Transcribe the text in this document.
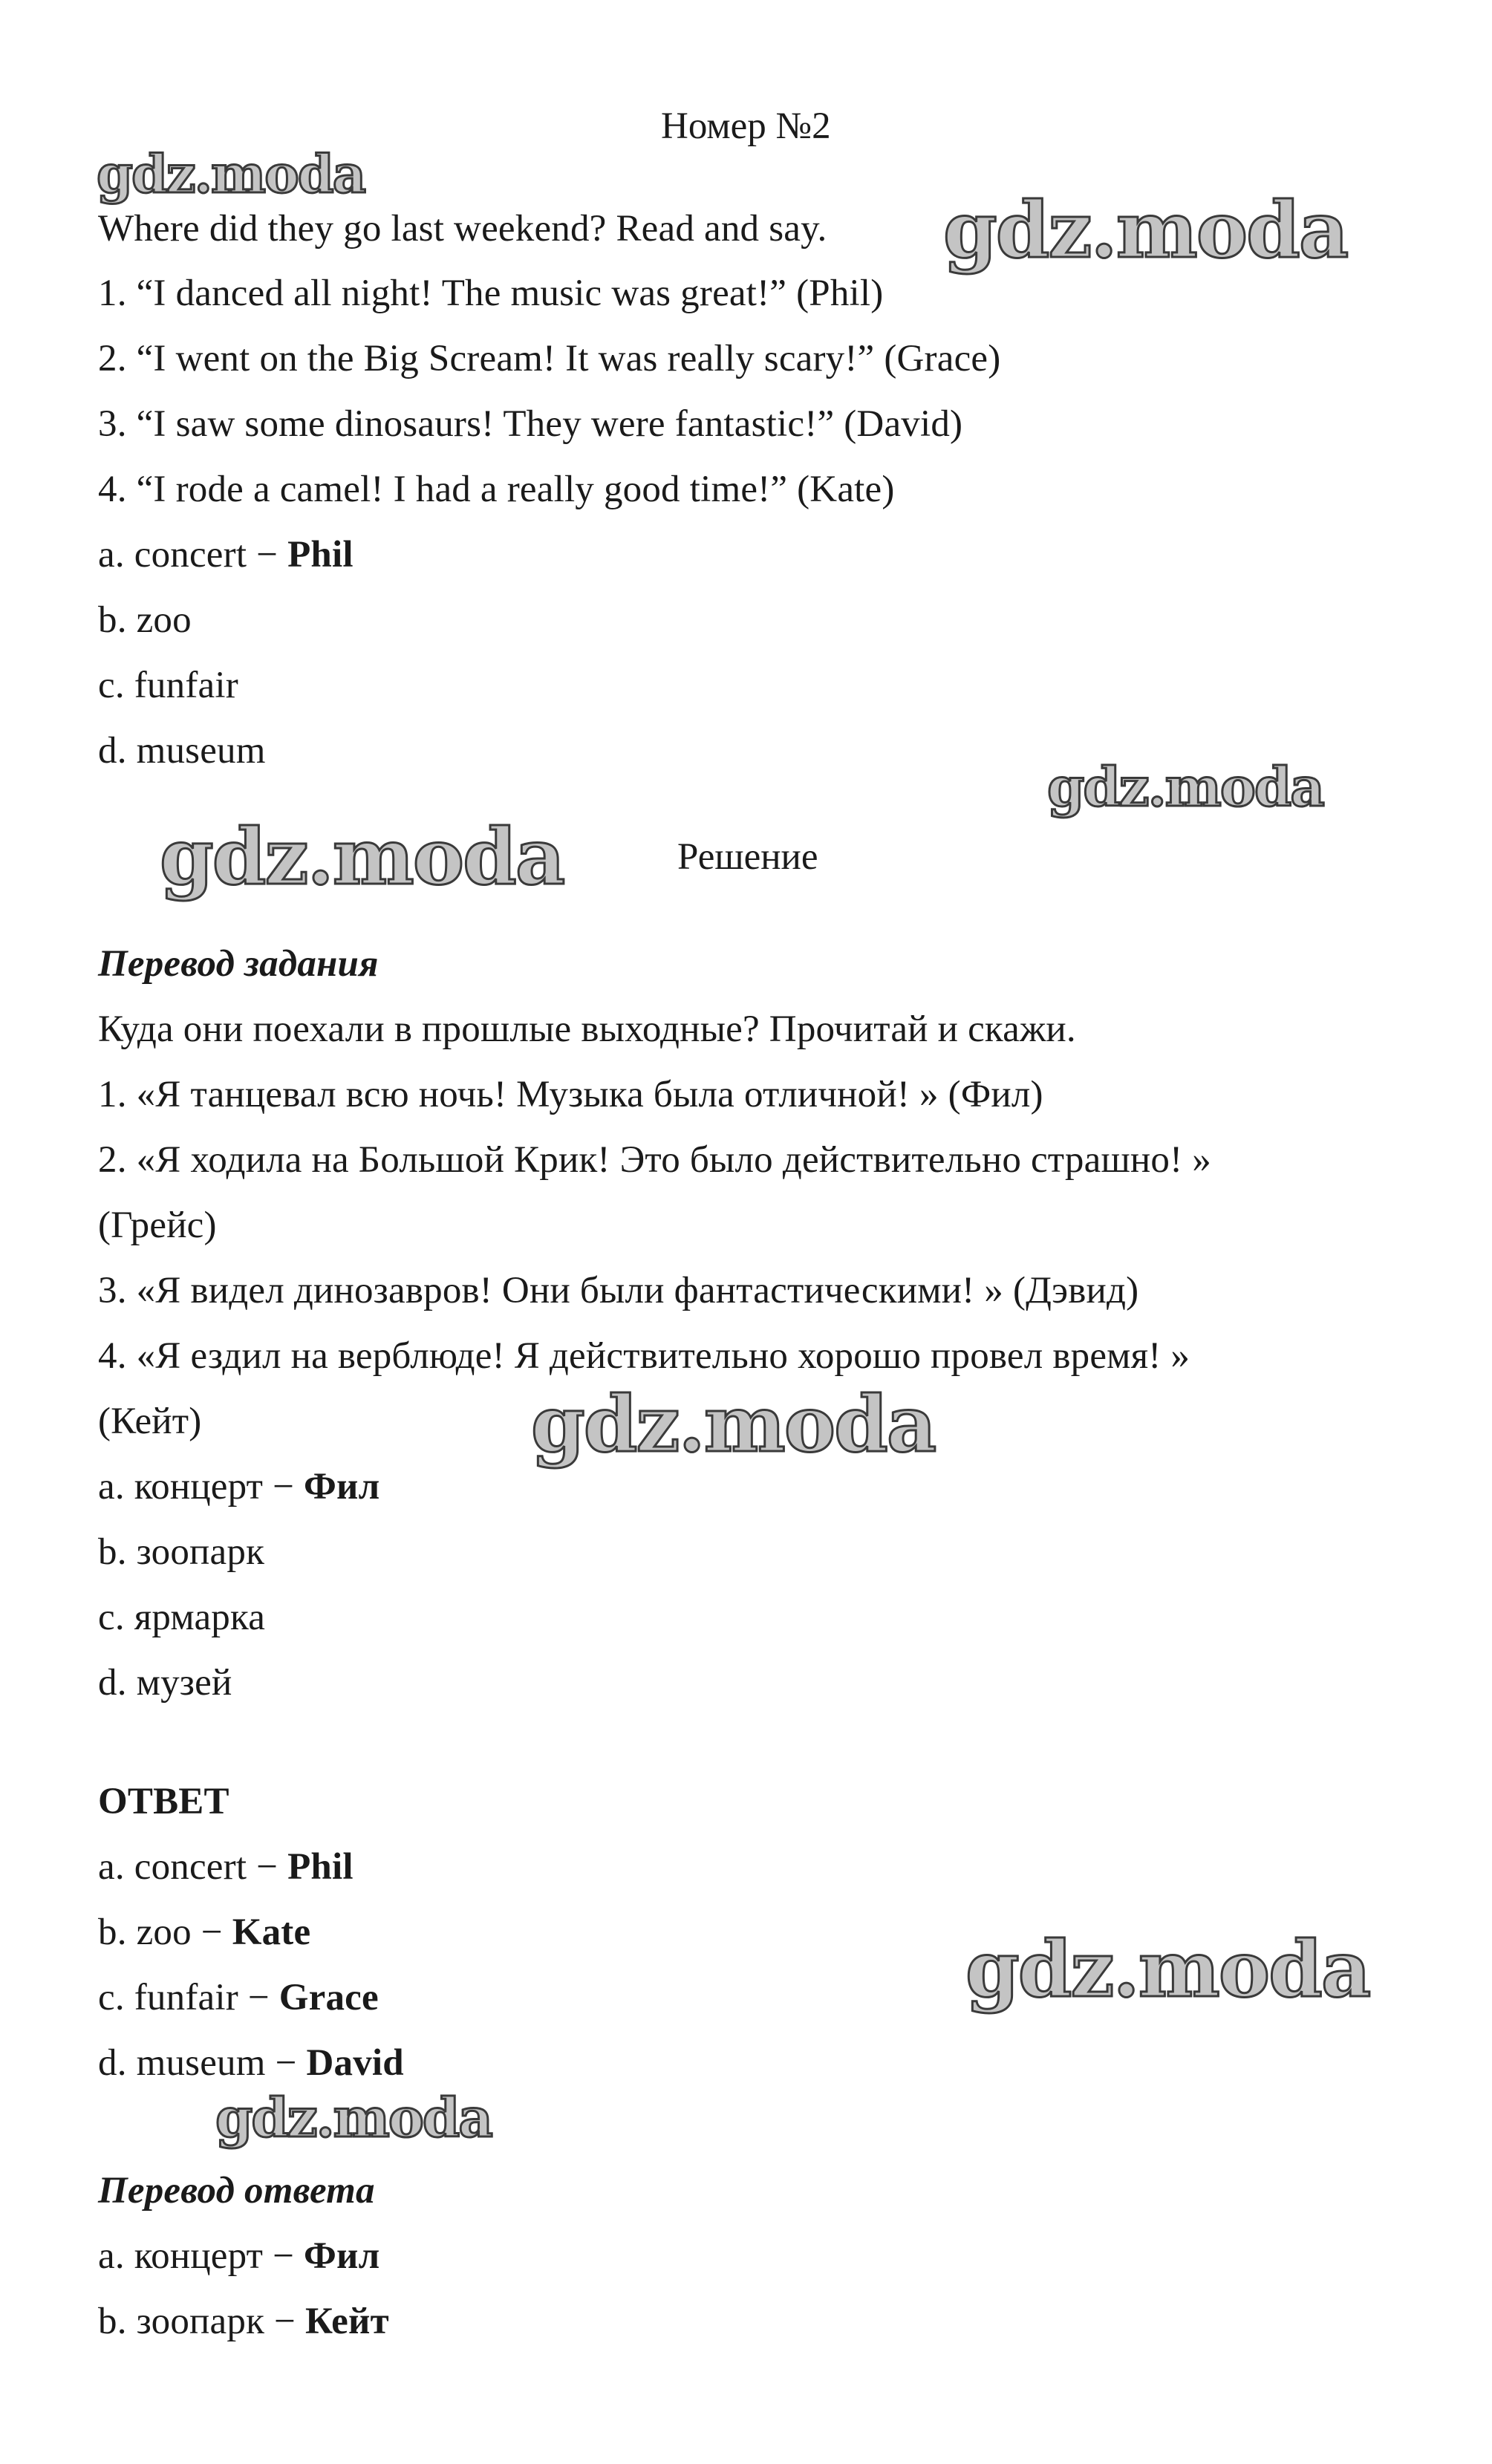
Номер №2
Where did they go last weekend? Read and say.
1. “I danced all night! The music was great!” (Phil)
2. “I went on the Big Scream! It was really scary!” (Grace)
3. “I saw some dinosaurs! They were fantastic!” (David)
4. “I rode a camel! I had a really good time!” (Kate)
a. concert − Phil
b. zoo
c. funfair
d. museum
Решение
Перевод задания
Куда они поехали в прошлые выходные? Прочитай и скажи.
1. «Я танцевал всю ночь! Музыка была отличной! » (Фил)
2. «Я ходила на Большой Крик! Это было действительно страшно! »
(Грейс)
3. «Я видел динозавров! Они были фантастическими! » (Дэвид)
4. «Я ездил на верблюде! Я действительно хорошо провел время! »
(Кейт)
a. концерт − Фил
b. зоопарк
c. ярмарка
d. музей
ОТВЕТ
a. concert − Phil
b. zoo − Kate
c. funfair − Grace
d. museum − David
Перевод ответа
a. концерт − Фил
b. зоопарк − Кейт
gdz.moda
gdz.moda
gdz.moda
gdz.moda
gdz.moda
gdz.moda
gdz.moda
